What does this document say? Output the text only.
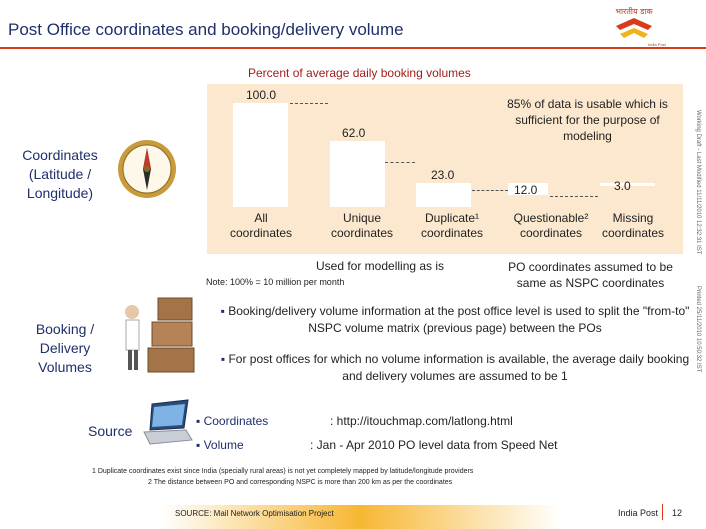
Post Office coordinates and booking/delivery volume
भारतीय डाक
India Post
Percent of average daily booking volumes
100.0
62.0
23.0
12.0	3.0
85% of data is usable which is sufficient for the purpose of modeling
All
coordinates
Unique
coordinates
Duplicate¹
coordinates
Questionable²
coordinates
Missing
coordinates
Used for modelling as is	PO coordinates assumed to be same as NSPC coordinates
Note: 100% = 10 million per month
Coordinates
(Latitude /
Longitude)
Booking /
Delivery
Volumes
▪ Booking/delivery volume information at the post office level is used to split the "from-to" NSPC volume matrix (previous page) between the POs
▪ For post offices for which no volume information is available, the average daily booking and delivery volumes are assumed to be 1
Source
▪ Coordinates	: http://itouchmap.com/latlong.html
▪ Volume	: Jan - Apr 2010 PO level data from Speed Net
1 Duplicate coordinates exist since India (specially rural areas) is not yet completely mapped by latitude/longitude providers
2 The distance between PO and corresponding NSPC is more than 200 km as per the coordinates
SOURCE: Mail Network Optimisation Project	India Post 12
Working Draft - Last Modified 11/11/2010 12:32:31 IST
Printed 25/11/2010 10:50:32 IST
